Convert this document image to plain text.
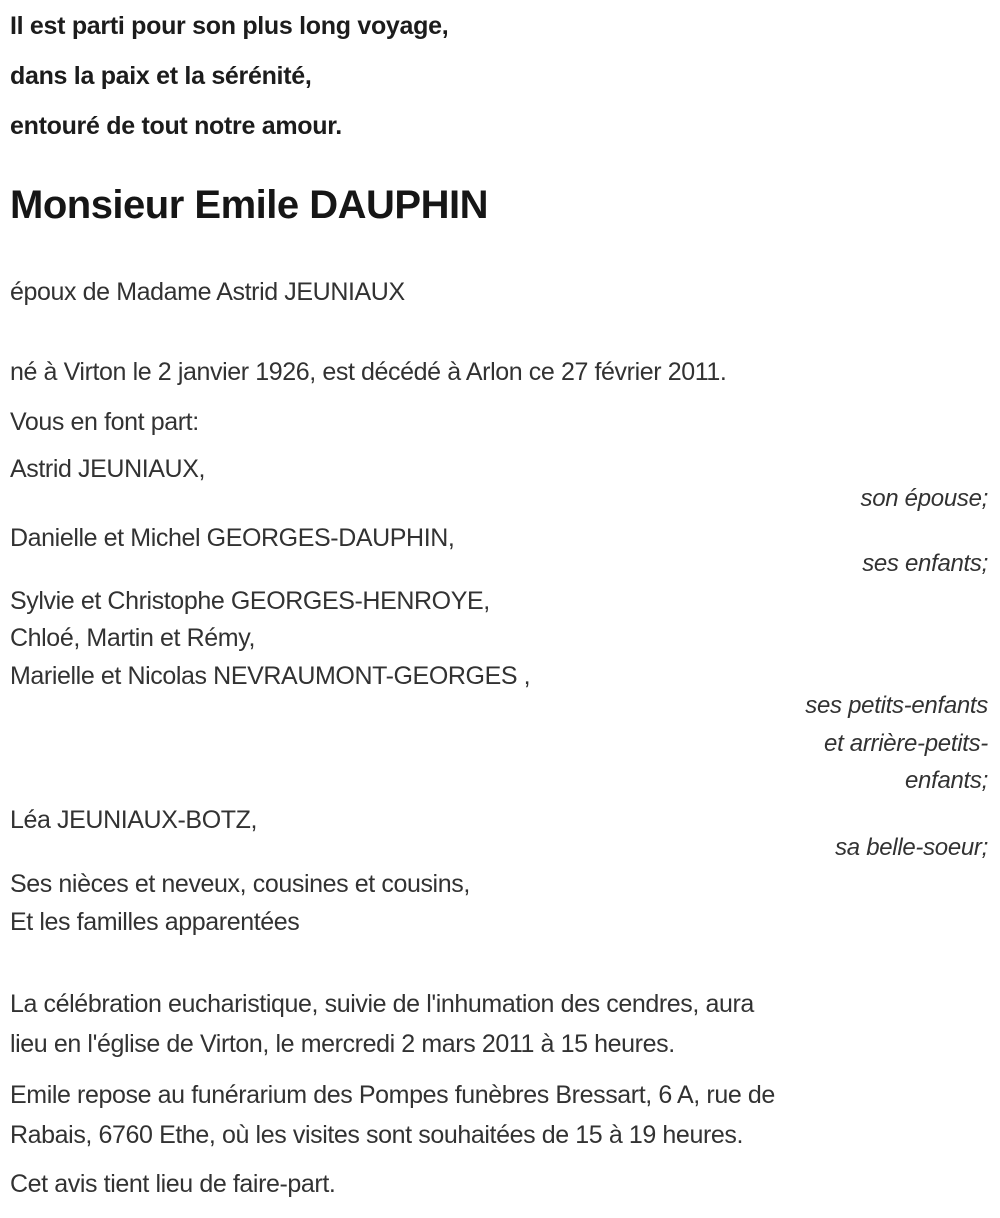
Il est parti pour son plus long voyage,
dans la paix et la sérénité,
entouré de tout notre amour.
Monsieur Emile DAUPHIN
époux de Madame Astrid JEUNIAUX
né à Virton le 2 janvier 1926, est décédé à Arlon ce 27 février 2011.
Vous en font part:
Astrid JEUNIAUX,
son épouse;
Danielle et Michel GEORGES-DAUPHIN,
ses enfants;
Sylvie et Christophe GEORGES-HENROYE,
Chloé, Martin et Rémy,
Marielle et Nicolas NEVRAUMONT-GEORGES ,
ses petits-enfants
et arrière-petits-
enfants;
Léa JEUNIAUX-BOTZ,
sa belle-soeur;
Ses nièces et neveux, cousines et cousins,
Et les familles apparentées
La célébration eucharistique, suivie de l'inhumation des cendres, aura
lieu en l'église de Virton, le mercredi 2 mars 2011 à 15 heures.
Emile repose au funérarium des Pompes funèbres Bressart, 6 A, rue de
Rabais, 6760 Ethe, où les visites sont souhaitées de 15 à 19 heures.
Cet avis tient lieu de faire-part.
